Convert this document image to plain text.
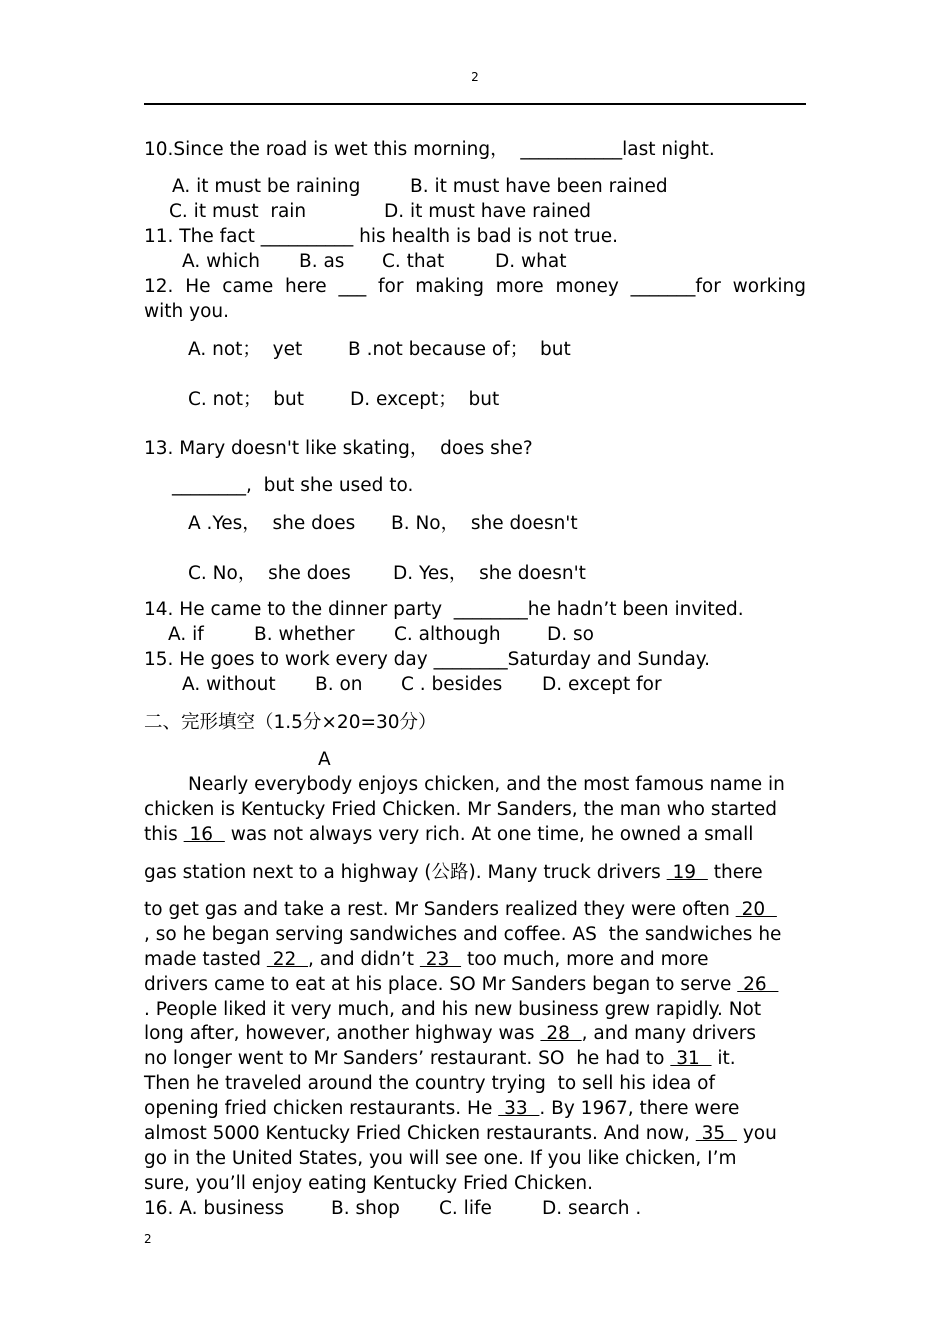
2
10.Since the road is wet this morning，  ___________last night.
A. it must be raining	B. it must have been rained
C. it must  rain	D. it must have rained
11. The fact __________ his health is bad is not true.
A. which B. as C. that	D. what
12. He came here ___ for making more money _______for working
with you.
A. not；  yet B .not because of；  but
C. not；  but D. except；  but
13. Mary doesn't like skating，  does she?
________,  but she used to.
A .Yes，  she does B. No，  she doesn't
C. No，  she does D. Yes，  she doesn't
14. He came to the dinner party  ________he hadn’t been invited.
A. if	B. whether C. although	D. so
15. He goes to work every day ________Saturday and Sunday.
A. without B. on C . besides D. except for
二、完形填空（1.5分×20=30分）
A
Nearly everybody enjoys chicken, and the most famous name in
chicken is Kentucky Fried Chicken. Mr Sanders, the man who started
this  16   was not always very rich. At one time, he owned a small
gas station next to a highway (公路). Many truck drivers  19   there
to get gas and take a rest. Mr Sanders realized they were often  20
, so he began serving sandwiches and coffee. AS  the sandwiches he
made tasted  22  , and didn’t  23   too much, more and more
drivers came to eat at his place. SO Mr Sanders began to serve  26
. People liked it very much, and his new business grew rapidly. Not
long after, however, another highway was  28  , and many drivers
no longer went to Mr Sanders’ restaurant. SO  he had to  31   it.
Then he traveled around the country trying  to sell his idea of
opening fried chicken restaurants. He  33  . By 1967, there were
almost 5000 Kentucky Fried Chicken restaurants. And now,  35   you
go in the United States, you will see one. If you like chicken, I’m
sure, you’ll enjoy eating Kentucky Fried Chicken.
16. A. business	B. shop C. life	D. search .
2
